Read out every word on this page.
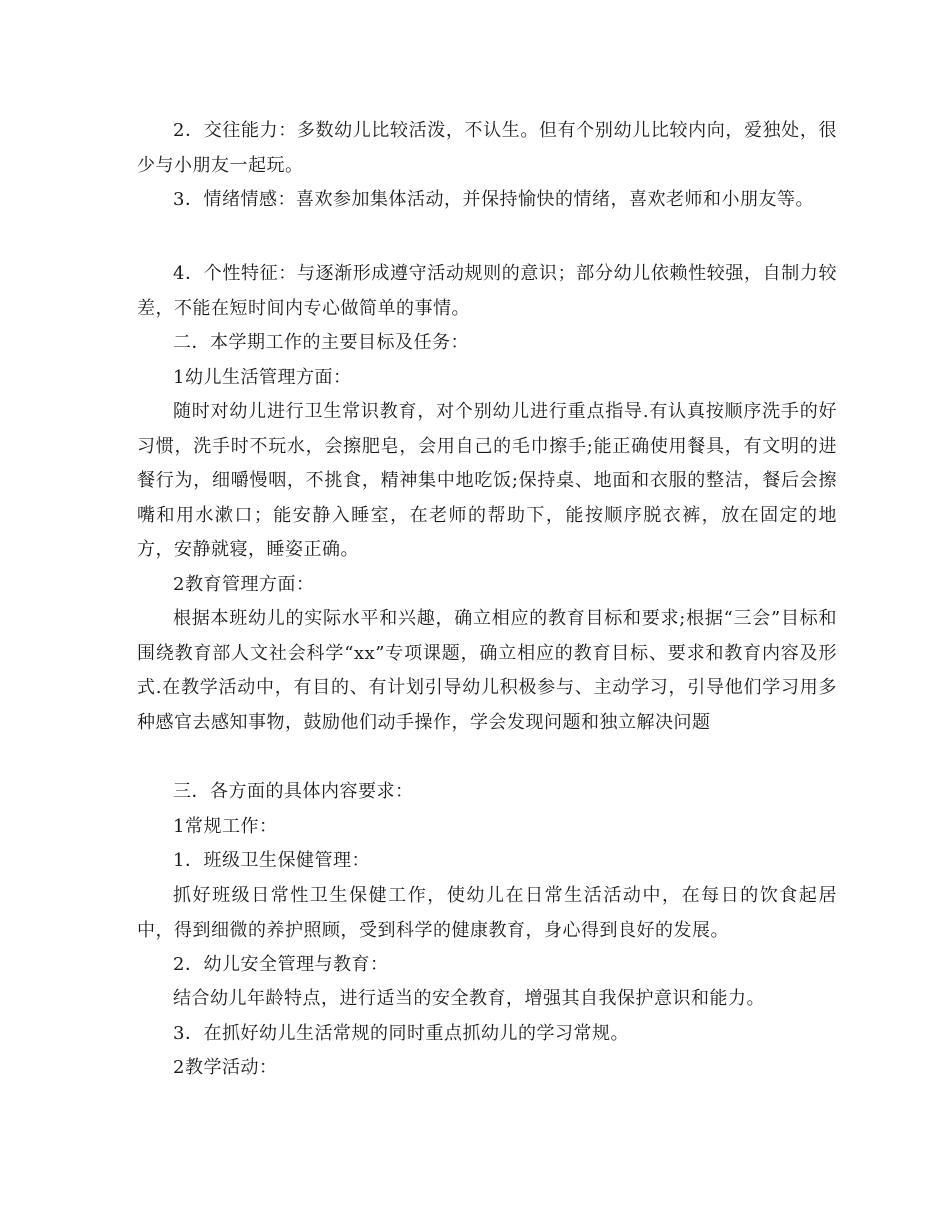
2．交往能力：多数幼儿比较活泼，不认生。但有个别幼儿比较内向，爱独处，很少与小朋友一起玩。

3．情绪情感：喜欢参加集体活动，并保持愉快的情绪，喜欢老师和小朋友等。

4．个性特征：与逐渐形成遵守活动规则的意识；部分幼儿依赖性较强，自制力较差，不能在短时间内专心做简单的事情。

二．本学期工作的主要目标及任务：

1幼儿生活管理方面：

随时对幼儿进行卫生常识教育，对个别幼儿进行重点指导.有认真按顺序洗手的好习惯，洗手时不玩水，会擦肥皂，会用自己的毛巾擦手;能正确使用餐具，有文明的进餐行为，细嚼慢咽，不挑食，精神集中地吃饭;保持桌、地面和衣服的整洁，餐后会擦嘴和用水漱口；能安静入睡室，在老师的帮助下，能按顺序脱衣裤，放在固定的地方，安静就寝，睡姿正确。

2教育管理方面：

根据本班幼儿的实际水平和兴趣，确立相应的教育目标和要求;根据“三会”目标和围绕教育部人文社会科学“xx”专项课题，确立相应的教育目标、要求和教育内容及形式.在教学活动中，有目的、有计划引导幼儿积极参与、主动学习，引导他们学习用多种感官去感知事物，鼓励他们动手操作，学会发现问题和独立解决问题

三．各方面的具体内容要求：

1常规工作：

1．班级卫生保健管理：

抓好班级日常性卫生保健工作，使幼儿在日常生活活动中，在每日的饮食起居中，得到细微的养护照顾，受到科学的健康教育，身心得到良好的发展。

2．幼儿安全管理与教育：

结合幼儿年龄特点，进行适当的安全教育，增强其自我保护意识和能力。

3．在抓好幼儿生活常规的同时重点抓幼儿的学习常规。

2教学活动：
